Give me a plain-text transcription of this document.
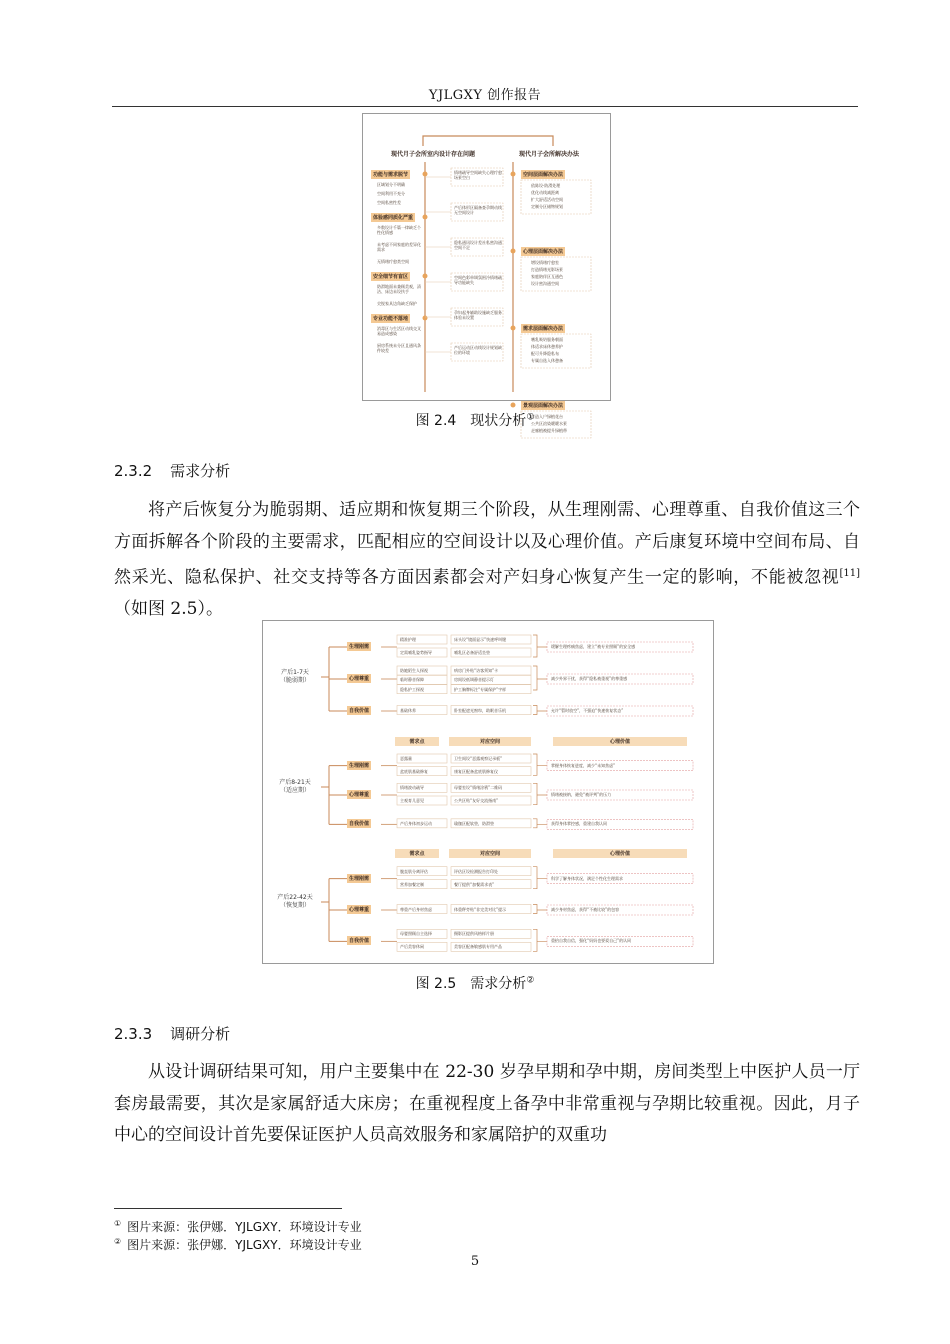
YJLGXY 创作报告
现代月子会所室内设计存在问题	现代月子会所解决办法
功能与需求脱节
区域划分不明确
空间利用不充分
空间私密性差
体验感同质化严重
多数设计千篇一律缺乏个性化情感
未考虑不同家庭的差异化需求
无情绪疗愈类空间
安全细节有盲区
防滑地面未兼顾美观，清洁、床边未设扶手
尖锐家具边角缺乏保护
专业功能不落地
消毒区与生活区动线交叉易造成感染
厨房系统未分区且通风条件较差
情绪疏导空间缺失心理疗愈场景空白
产后体形区隔备查孕期动线无空间设计
隐私通讯设计差社私密沟通空间不足
空间色彩单调氛围冷情绪疏导功能缺失
孕妇起身辅助设施缺乏服务体验未设置
产后运动区动线设计规划缺位的环境
空间层面解决办法
依陈设·防滑处理
优化动线减距离
扩大舒适活动空间
定制分区储物规划
心理层面解决办法
增设情绪疗愈室
打造情绪光影场景
家庭陪伴区互通色
设计密沟通空间
需求层面解决办法
嗜乳吸奶服务朝面
体适求床休憩养护
配可升降隐私布
专属自选入休憩备
景观层面解决办法
打造入户绿植花台
公共区渲染暖暖水景
走廊植被提升绿植带
图 2.4　现状分析①
2.3.2 需求分析

将产后恢复分为脆弱期、适应期和恢复期三个阶段，从生理刚需、心理尊重、自我价值这三个方面拆解各个阶段的主要需求，匹配相应的空间设计以及心理价值。产后康复环境中空间布局、自然采光、隐私保护、社交支持等各方面因素都会对产妇身心恢复产生一定的影响，不能被忽视[11]（如图 2.5）。

产后1-7天
（脆弱期）
生理刚需
精准护理	床头设“镜面显示”快速呼叫键
定需哺乳姿势指导	哺乳区必备舒适坐垫
缓解生理疼痛焦虑，建立“被专业照顾”的安全感
心理尊重
防她陌生人探视	病房门外贴“访客须知”卡
临时静音保障	房间设低调静音提示灯
隐私护工探视	护工胸牌标注“专属保护”字样
减少外界干扰，获得“隐私被重视”的尊重感
自我价值	基础休养	卧室配遮光窗帘，助眠音乐机	允许“暂时放空”，不强迫“快速恢复状态”
产后8-21天
（适应期）
需求点	对应空间	心理价值
生理刚需
恶露量	卫生间设“恶露观察记录板”
盆底肌基础修复	康复区配备盆底肌修复仪
掌握身体恢复进度，减少“未知焦虑”
心理尊重
情绪波动疏导	母婴室设“情绪涂鸦”二维码
主观育儿意见	公共区贴“友好交流指南”
情绪被接纳，避免“被评判”的压力
自我价值	产后身体初步运动	瑜伽区配软垫，防滑垫	获得身体掌控感，重建自我认同
产后22-42天
（恢复期）
需求点	对应空间	心理价值
生理刚需
腹直肌分离评估	评估区设检测报告打印处
营养加餐定制	餐厅提供“加餐需求表”
科学了解身体状况，满足个性化生理需求
心理尊重	尊重产后身材焦虑	体重秤旁贴“非完美对比”提示	减少身材焦虑，获得“不被比较”的包容
自我价值
母婴照顾自主选择	摄影区提供风格样片册
产后美容休闲	美容区配备敏感肌专用产品
重拾自我自信，强化“妈妈也要爱自己”的认同
图 2.5　需求分析②
2.3.3 调研分析

从设计调研结果可知，用户主要集中在 22-30 岁孕早期和孕中期，房间类型上中医护人员一厅套房最需要，其次是家属舒适大床房；在重视程度上备孕中非常重视与孕期比较重视。因此，月子中心的空间设计首先要保证医护人员高效服务和家属陪护的双重功

① 图片来源：张伊娜．YJLGXY．环境设计专业
② 图片来源：张伊娜．YJLGXY．环境设计专业
5
